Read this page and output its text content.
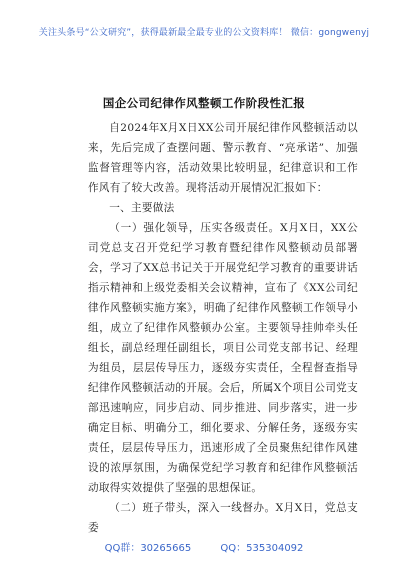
关注头条号“公文研究”，获得最新最全最专业的公文资料库！ 微信：gongwenyj
国企公司纪律作风整顿工作阶段性汇报

自2024年X月X日XX公司开展纪律作风整顿活动以来，先后完成了查摆问题、警示教育、“亮承诺”、加强监督管理等内容，活动效果比较明显，纪律意识和工作作风有了较大改善。现将活动开展情况汇报如下：

一、主要做法

（一）强化领导，压实各级责任。X月X日，XX公司党总支召开党纪学习教育暨纪律作风整顿动员部署会，学习了XX总书记关于开展党纪学习教育的重要讲话指示精神和上级党委相关会议精神，宣布了《XX公司纪律作风整顿实施方案》，明确了纪律作风整顿工作领导小组，成立了纪律作风整顿办公室。主要领导挂帅牵头任组长，副总经理任副组长，项目公司党支部书记、经理为组员，层层传导压力，逐级夯实责任，全程督查指导纪律作风整顿活动的开展。会后，所属X个项目公司党支部迅速响应，同步启动、同步推进、同步落实，进一步确定目标、明确分工，细化要求、分解任务，逐级夯实责任，层层传导压力，迅速形成了全员聚焦纪律作风建设的浓厚氛围，为确保党纪学习教育和纪律作风整顿活动取得实效提供了坚强的思想保证。

（二）班子带头，深入一线督办。X月X日，党总支委

QQ群：30265665	QQ：535304092
